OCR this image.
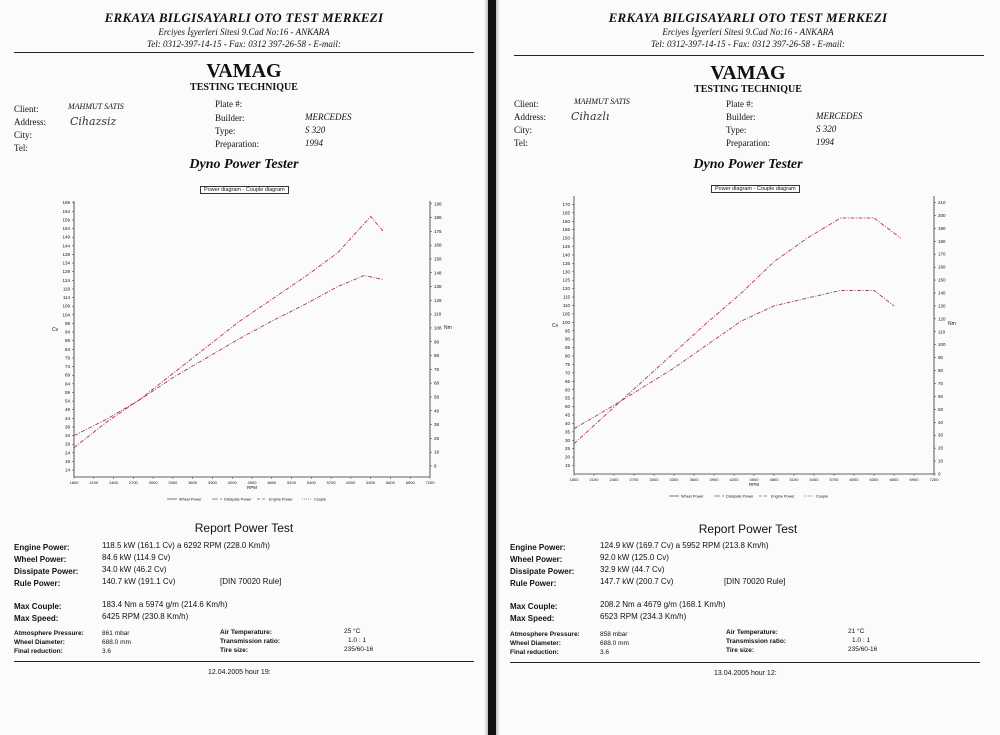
ERKAYA BILGISAYARLI OTO TEST MERKEZI
Erciyes İşyerleri Sitesi 9.Cad No:16 - ANKARA
Tel: 0312-397-14-15 - Fax: 0312 397-26-58 - E-mail:
VAMAG
TESTING TECHNIQUE
Client:	MAHMUT SATIS
Address: Cihazsiz
City:
Tel:
Plate #:
Builder:	MERCEDES
Type:	S 320
Preparation:	1994
Dyno Power Tester
Power diagram - Couple diagram
14
19
24
29
34
39
44
49
54
59
64
69
74
79
84
89
94
99
104
109
114
119
124
129
134
139
144
149
154
159
164
169
8
18
28
38
48
58
68
78
88
98
108
118
128
138
148
158
168
178
188
198
1800	2100	2400	2700	3000	3300	3600	3900	4200	4500	4800	5100	5400	5700	6000	6300	6600	6900	7200
RPM
Cv	Nm
Wheel Power	Dissipate Power	Engine Power	Couple
Report Power Test
Engine Power:	118.5 kW (161.1 Cv) a 6292 RPM (228.0 Km/h)
Wheel Power:	84.6 kW (114.9 Cv)
Dissipate Power:	34.0 kW (46.2 Cv)
Rule Power:	140.7 kW (191.1 Cv)	[DIN 70020 Rule]
Max Couple:	183.4 Nm a 5974 g/m (214.6 Km/h)
Max Speed:	6425 RPM (230.8 Km/h)
Atmosphere Pressure:	861 mbar
Wheel Diameter:	688.0 mm
Final reduction:	3.6
Air Temperature:	25 °C
Transmission ratio:	1.0 : 1
Tire size:	235/60-16
12.04.2005 hour 19:
ERKAYA BILGISAYARLI OTO TEST MERKEZI
Erciyes İşyerleri Sitesi 9.Cad No:16 - ANKARA
Tel: 0312-397-14-15 - Fax: 0312 397-26-58 - E-mail:
VAMAG
TESTING TECHNIQUE
Client:	MAHMUT SATIS
Address: Cihazlı
City:
Tel:
Plate #:
Builder:	MERCEDES
Type:	S 320
Preparation:	1994
Dyno Power Tester
Power diagram - Couple diagram
15
20
25
30
35
40
45
50
55
60
65
70
75
80
85
90
95
100
105
110
115
120
125
130
135
140
145
150
155
160
165
170
0
10
20
30
40
50
60
70
80
90
100
110
120
130
140
150
160
170
180
190
200
210
1800	2100	2400	2700	3000	3300	3600	3900	4200	4500	4800	5100	5400	5700	6000	6300	6600	6900	7200
RPM
Cv	Nm
Wheel Power	Dissipate Power	Engine Power	Couple
Report Power Test
Engine Power:	124.9 kW (169.7 Cv) a 5952 RPM (213.8 Km/h)
Wheel Power:	92.0 kW (125.0 Cv)
Dissipate Power:	32.9 kW (44.7 Cv)
Rule Power:	147.7 kW (200.7 Cv)	[DIN 70020 Rule]
Max Couple:	208.2 Nm a 4679 g/m (168.1 Km/h)
Max Speed:	6523 RPM (234.3 Km/h)
Atmosphere Pressure:	858 mbar
Wheel Diameter:	688.0 mm
Final reduction:	3.6
Air Temperature:	21 °C
Transmission ratio:	1.0 : 1
Tire size:	235/60-16
13.04.2005 hour 12:
